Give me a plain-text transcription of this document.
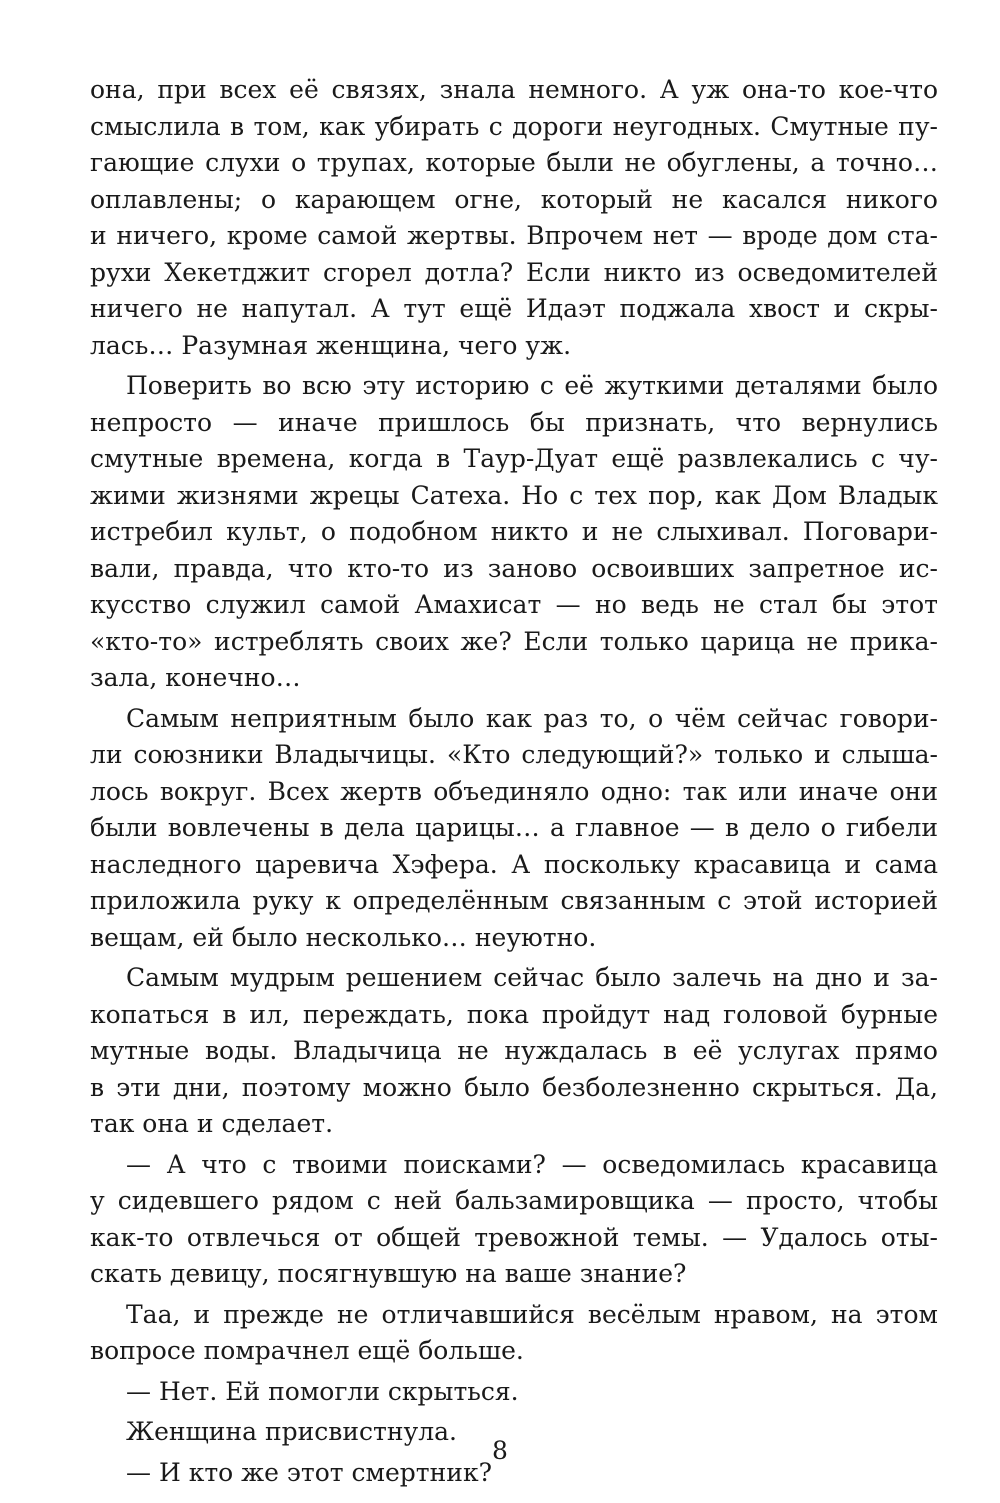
она, при всех её связях, знала немного. А уж она-то кое-что
смыслила в том, как убирать с дороги неугодных. Смутные пу-
гающие слухи о трупах, которые были не обуглены, а точно…
оплавлены; о карающем огне, который не касался никого
и ничего, кроме самой жертвы. Впрочем нет — вроде дом ста-
рухи Хекетджит сгорел дотла? Если никто из осведомителей
ничего не напутал. А тут ещё Идаэт поджала хвост и скры-
лась… Разумная женщина, чего уж.
Поверить во всю эту историю с её жуткими деталями было
непросто — иначе пришлось бы признать, что вернулись
смутные времена, когда в Таур-Дуат ещё развлекались с чу-
жими жизнями жрецы Сатеха. Но с тех пор, как Дом Владык
истребил культ, о подобном никто и не слыхивал. Поговари-
вали, правда, что кто-то из заново освоивших запретное ис-
кусство служил самой Амахисат — но ведь не стал бы этот
«кто-то» истреблять своих же? Если только царица не прика-
зала, конечно…
Самым неприятным было как раз то, о чём сейчас говори-
ли союзники Владычицы. «Кто следующий?» только и слыша-
лось вокруг. Всех жертв объединяло одно: так или иначе они
были вовлечены в дела царицы… а главное — в дело о гибели
наследного царевича Хэфера. А поскольку красавица и сама
приложила руку к определённым связанным с этой историей
вещам, ей было несколько… неуютно.
Самым мудрым решением сейчас было залечь на дно и за-
копаться в ил, переждать, пока пройдут над головой бурные
мутные воды. Владычица не нуждалась в её услугах прямо
в эти дни, поэтому можно было безболезненно скрыться. Да,
так она и сделает.
— А что с твоими поисками? — осведомилась красавица
у сидевшего рядом с ней бальзамировщика — просто, чтобы
как-то отвлечься от общей тревожной темы. — Удалось оты-
скать девицу, посягнувшую на ваше знание?
Таа, и прежде не отличавшийся весёлым нравом, на этом
вопросе помрачнел ещё больше.
— Нет. Ей помогли скрыться.
Женщина присвистнула.
— И кто же этот смертник?
8
